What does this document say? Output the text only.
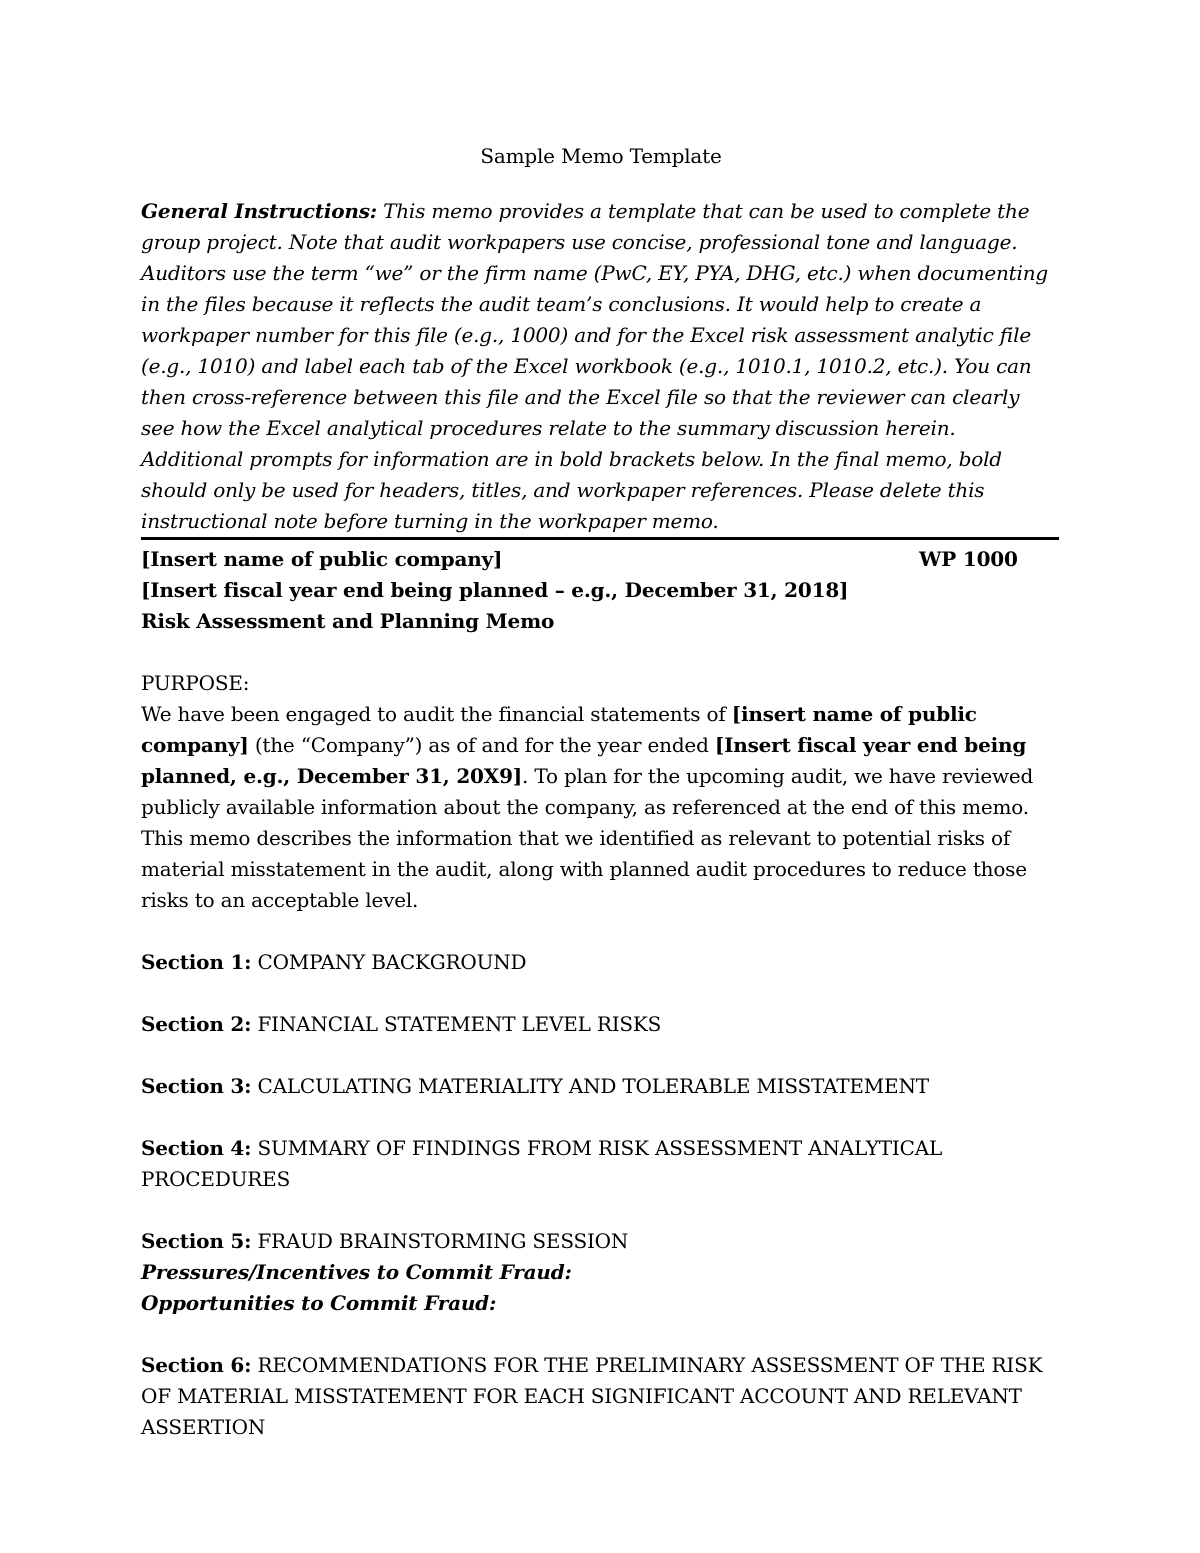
Sample Memo Template

General Instructions: This memo provides a template that can be used to complete the group project. Note that audit workpapers use concise, professional tone and language. Auditors use the term “we” or the firm name (PwC, EY, PYA, DHG, etc.) when documenting in the files because it reflects the audit team’s conclusions. It would help to create a workpaper number for this file (e.g., 1000) and for the Excel risk assessment analytic file (e.g., 1010) and label each tab of the Excel workbook (e.g., 1010.1, 1010.2, etc.). You can then cross-reference between this file and the Excel file so that the reviewer can clearly see how the Excel analytical procedures relate to the summary discussion herein. Additional prompts for information are in bold brackets below. In the final memo, bold should only be used for headers, titles, and workpaper references. Please delete this instructional note before turning in the workpaper memo.

[Insert name of public company]	WP 1000

[Insert fiscal year end being planned – e.g., December 31, 2018]

Risk Assessment and Planning Memo

PURPOSE:

We have been engaged to audit the financial statements of [insert name of public company] (the “Company”) as of and for the year ended [Insert fiscal year end being planned, e.g., December 31, 20X9]. To plan for the upcoming audit, we have reviewed publicly available information about the company, as referenced at the end of this memo. This memo describes the information that we identified as relevant to potential risks of material misstatement in the audit, along with planned audit procedures to reduce those risks to an acceptable level.

Section 1: COMPANY BACKGROUND

Section 2: FINANCIAL STATEMENT LEVEL RISKS

Section 3: CALCULATING MATERIALITY AND TOLERABLE MISSTATEMENT

Section 4: SUMMARY OF FINDINGS FROM RISK ASSESSMENT ANALYTICAL PROCEDURES

Section 5: FRAUD BRAINSTORMING SESSION

Pressures/Incentives to Commit Fraud:

Opportunities to Commit Fraud:

Section 6: RECOMMENDATIONS FOR THE PRELIMINARY ASSESSMENT OF THE RISK OF MATERIAL MISSTATEMENT FOR EACH SIGNIFICANT ACCOUNT AND RELEVANT ASSERTION
